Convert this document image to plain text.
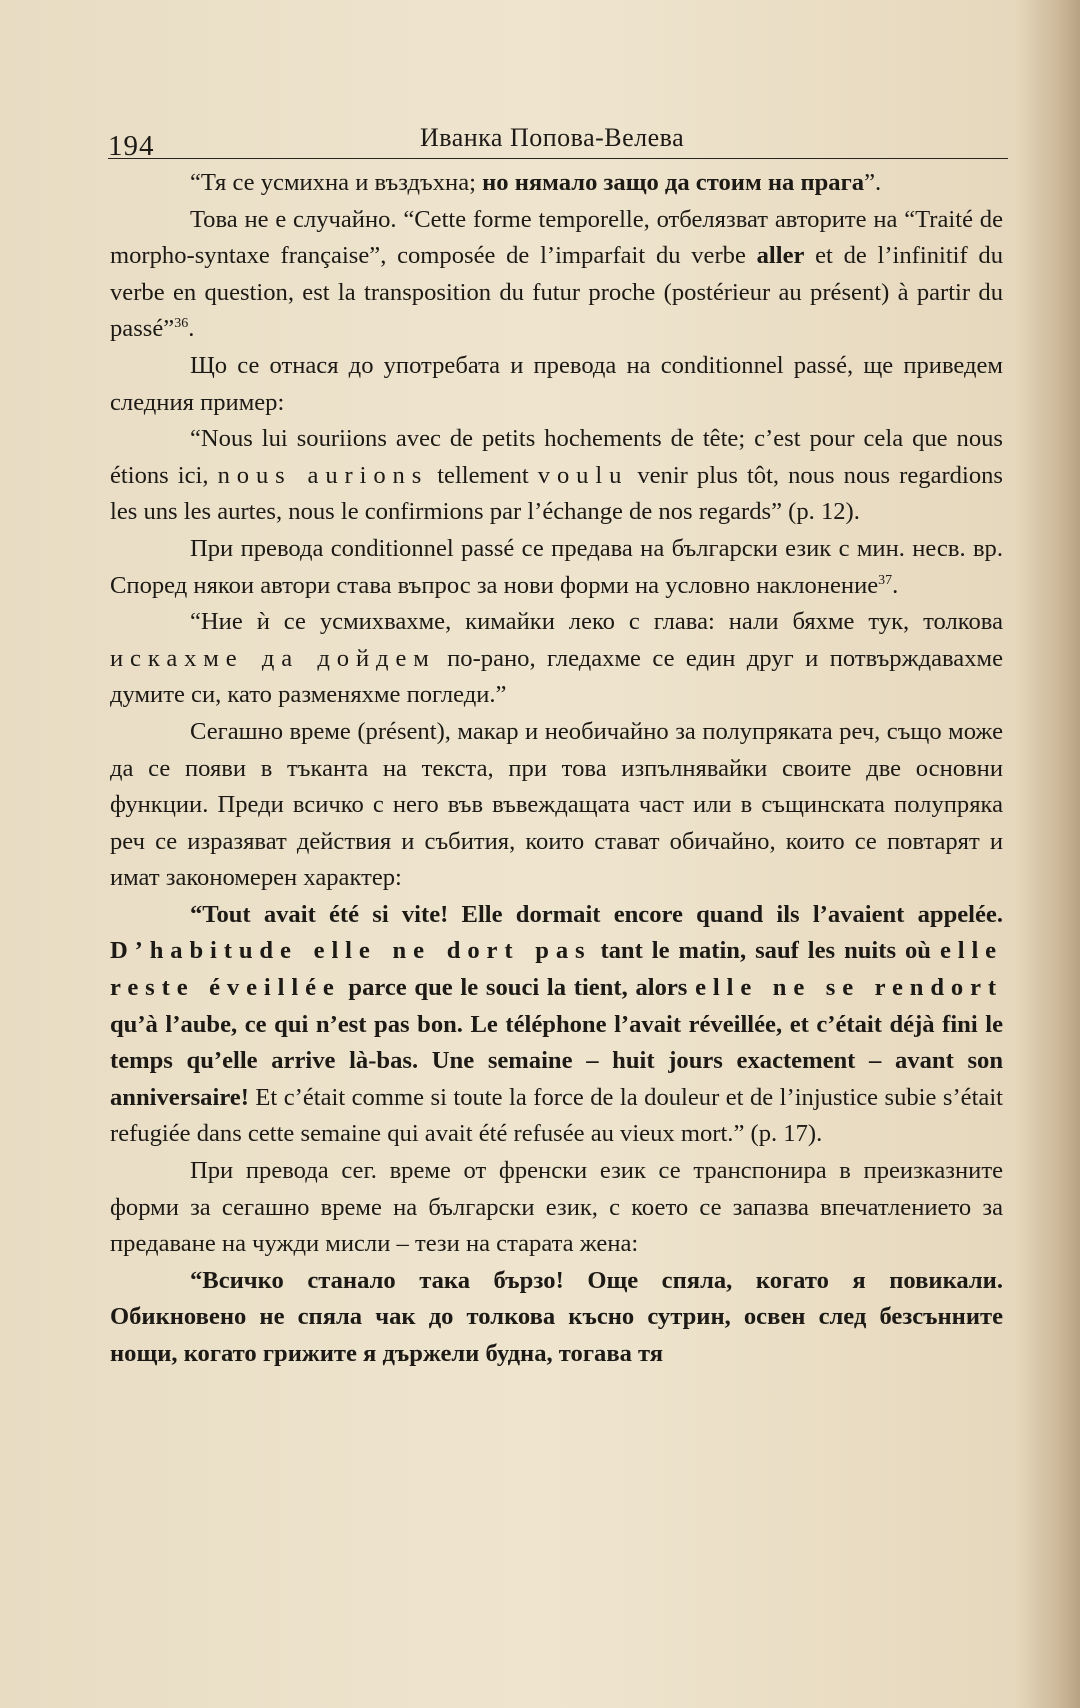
194	Иванка Попова-Велева

“Тя се усмихна и въздъхна; но нямало защо да стоим на прага”.

Това не е случайно. “Cette forme temporelle, отбелязват авторите на “Traité de morpho-syntaxe française”, composée de l’imparfait du verbe aller et de l’infinitif du verbe en question, est la transposition du futur proche (postérieur au présent) à partir du passé”$^{36}$.

Що се отнася до употребата и превода на conditionnel passé, ще приведем следния пример:

“Nous lui souriions avec de petits hochements de tête; c’est pour cela que nous étions ici, nous aurions tellement voulu venir plus tôt, nous nous regardions les uns les aurtes, nous le confirmions par l’échange de nos regards” (p. 12).

При превода conditionnel passé се предава на български език с мин. несв. вр. Според някои автори става въпрос за нови форми на условно наклонение$^{37}$.

“Ние ѝ се усмихвахме, кимайки леко с глава: нали бяхме тук, толкова искахме да дойдем по-рано, гледахме се един друг и потвърждавахме думите си, като разменяхме погледи.”

Сегашно време (présent), макар и необичайно за полупряката реч, също може да се появи в тъканта на текста, при това изпълнявайки своите две основни функции. Преди всичко с него във въвеждащата част или в същинската полупряка реч се изразяват действия и събития, които стават обичайно, които се повтарят и имат закономерен характер:

“Tout avait été si vite! Elle dormait encore quand ils l’avaient appelée. D’habitude elle ne dort pas tant le matin, sauf les nuits où elle reste éveillée parce que le souci la tient, alors elle ne se rendort qu’à l’aube, ce qui n’est pas bon. Le téléphone l’avait réveillée, et c’était déjà fini le temps qu’elle arrive là-bas. Une semaine – huit jours exactement – avant son anniversaire! Et c’était comme si toute la force de la douleur et de l’injustice subie s’était refugiée dans cette semaine qui avait été refusée au vieux mort.” (p. 17).

При превода сег. време от френски език се транспонира в преизказните форми за сегашно време на български език, с което се запазва впечатлението за предаване на чужди мисли – тези на старата жена:

“Всичко станало така бързо! Още спяла, когато я повикали. Обикновено не спяла чак до толкова късно сутрин, освен след безсънните нощи, когато грижите я държели будна, тогава тя
